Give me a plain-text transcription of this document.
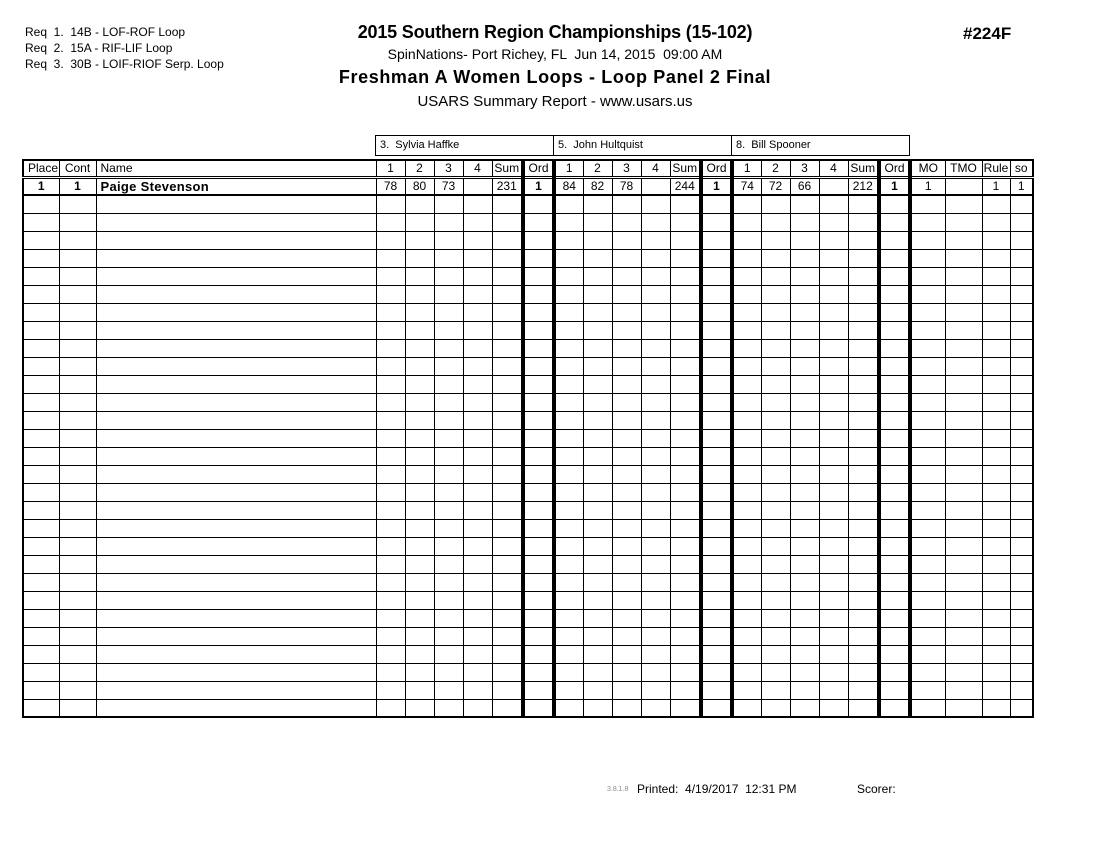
Req  1.  14B - LOF-ROF Loop
Req  2.  15A - RIF-LIF Loop
Req  3.  30B - LOIF-RIOF Serp. Loop
2015 Southern Region Championships (15-102)
SpinNations- Port Richey, FL  Jun 14, 2015  09:00 AM
Freshman A Women Loops - Loop Panel 2 Final
USARS Summary Report - www.usars.us
#224F
3.  Sylvia Haffke	5.  John Hultquist	8.  Bill Spooner
Place	Cont	Name	1	2	3	4	Sum	Ord	1	2	3	4	Sum	Ord	1	2	3	4	Sum	Ord	MO	TMO	Rule	so
1	1	Paige Stevenson	78	80	73		231	1	84	82	78		244	1	74	72	66		212	1	1		1	1

3.8.1.8 Printed: 4/19/2017  12:31 PM	Scorer:
